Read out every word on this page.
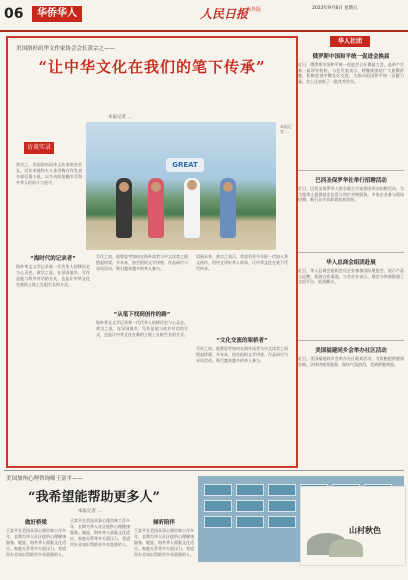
06	华侨华人	人民日报
海外版	2023年9月8日 星期五
美国洛杉矶华文作家协会会长黄宗之——
“让中华文化在我们的笔下传承”
本报记者 …
GREAT
访谈实录
黄宗之，美国洛杉矶华文作家协会会长。近年来他和夫人朱雪梅合作发表多部长篇小说，以生动的笔触书写海外华人的奋斗与坚守。
本报记者 …
“海时代的记录者”
海外华文文学记录着一代代华人的移民史与心灵史。黄宗之说，在异国他乡，写作是他与故乡对话的方式，也是让中华文化在新的土地上扎根生长的方式。
写作之初，他曾思考如何在海外读者与中文读者之间搭起桥梁。多年来，协会组织文学讲座、作品研讨与采风活动，吸引越来越多的华人参与。
“从笔下找到创作的路”
海外华文文学记录着一代代华人的移民史与心灵史。黄宗之说，在异国他乡，写作是他与故乡对话的方式，也是让中华文化在新的土地上扎根生长的方式。
谈到未来，黄宗之表示，希望有更多年轻一代加入华文创作，用中文讲好华人故事，让中华文化在笔下代代传承。
“文化交流的架桥者”
写作之初，他曾思考如何在海外读者与中文读者之间搭起桥梁。多年来，协会组织文学讲座、作品研讨与采风活动，吸引越来越多的华人参与。
华人社团
俄罗斯中国和平统一促进会换届
近日，俄罗斯中国和平统一促进会召开换届大会，选举产生新一届领导机构。与会代表表示，将继续团结广大旅俄侨胞，积极促进中俄友好交流，为推动祖国和平统一贡献力量。会上还表彰了一批优秀会员。
巴西圣保罗华社举行招聘活动
近日，巴西圣保罗华人协会联合多家侨团举办招聘活动，为当地华人提供就业信息与岗位对接服务。多家企业参与现场招聘，吸引众多求职者前来咨询。
华人总商会组团赴展
近日，华人总商会组织会员企业参加国际展览会，展示产品与品牌，拓展合作渠道。与会企业表示，展会为华商搭建了交流平台，收获颇丰。
美国福建同乡会举办社区活动
近日，美国福建同乡会举办社区联欢活动，为侨胞提供健康咨询、法律讲座等服务，现场气氛热烈，受到侨胞欢迎。
美国加州心理咨询师王富平——
“我希望能帮助更多人”
本报记者 …
做好桥梁
王富平在美国从事心理咨询工作多年，长期为华人社区提供心理健康服务。她说，海外华人面临文化适应、家庭关系等多方面压力，希望用专业知识帮助更多有需要的人。
王富平在美国从事心理咨询工作多年，长期为华人社区提供心理健康服务。她说，海外华人面临文化适应、家庭关系等多方面压力，希望用专业知识帮助更多有需要的人。
倾听陪伴
王富平在美国从事心理咨询工作多年，长期为华人社区提供心理健康服务。她说，海外华人面临文化适应、家庭关系等多方面压力，希望用专业知识帮助更多有需要的人。
山村秋色
